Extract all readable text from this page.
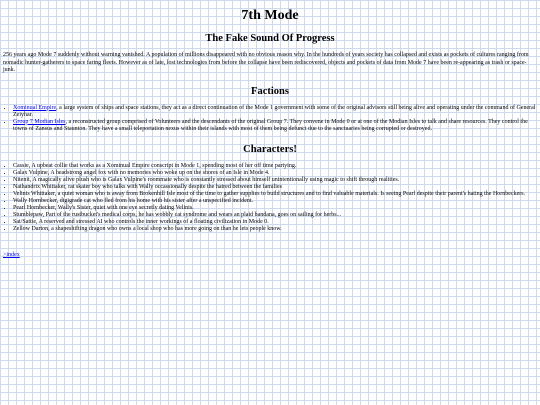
7th Mode
The Fake Sound Of Progress

256 years ago Mode 7 suddenly without warning vanished. A population of millions disappeared with no obvious reason why. In the hundreds of years society has collapsed and exists as pockets of cultures ranging from nomadic hunter-gatherers to space faring fleets. However as of late, lost technologies from before the collapse have been rediscovered, objects and pockets of data from Mode 7 have been re-appearing as trash or space-junk.

Factions
• Xominual Empire, a large system of ships and space stations, they act as a direct continuation of the Mode 1 government with some of the original advisors still being alive and operating under the command of General Zeiyhar.
• Group 7 Modian Isles, a reconstructed group comprised of Volunteers and the descendants of the original Group 7. They convene in Mode 0 or at one of the Modian Isles to talk and share resources. They control the towns of Zansus and Staunton. They have a small teleportation nexus within their islands with most of them being defunct due to the sanctuaries being corrupted or destroyed.
Characters!
• Cassie, A upbeat collie that works as a Xominual Empire conscript in Mode 1, spending most of her off time partying.
• Galax Vulpine, A headstrong angel fox with no memories who woke up on the shores of an Isle in Mode 4.
• Nitenit, A magically alive plush who is Galax Vulpine's roommate who is constantly stressed about himself unintentionally using magic to shift through realities.
• Nathandrix Whittaker, rat skater boy who talks with Wally occassionally despite the hatred between the families
• Velinis Whittaker, a quiet woman who is away from Brokenhill Isle most of the time to gather supplies to build structures and to find valuable materials. Is seeing Pearl despite their parent's hating the Hornbeckers.
• Wally Hornbecker, digigrade cat who fled from his home with his sister after a unspecified incident.
• Pearl Hornbecker, Wally's Sister, quiet with one eye secretly dating Velinis.
• Stumblepaw, Part of the rustbucket's medical corps, he has wobbly cat syndrome and wears an plaid bandana, goes on sailing for herbs...
• Sat/Sattie, A reserved and stressed AI who controls the inner workings of a floating civilization in Mode 0.
• Zellow Darton, a shapeshifting dragon who owns a local shop who has more going on than he lets people know.
>index
